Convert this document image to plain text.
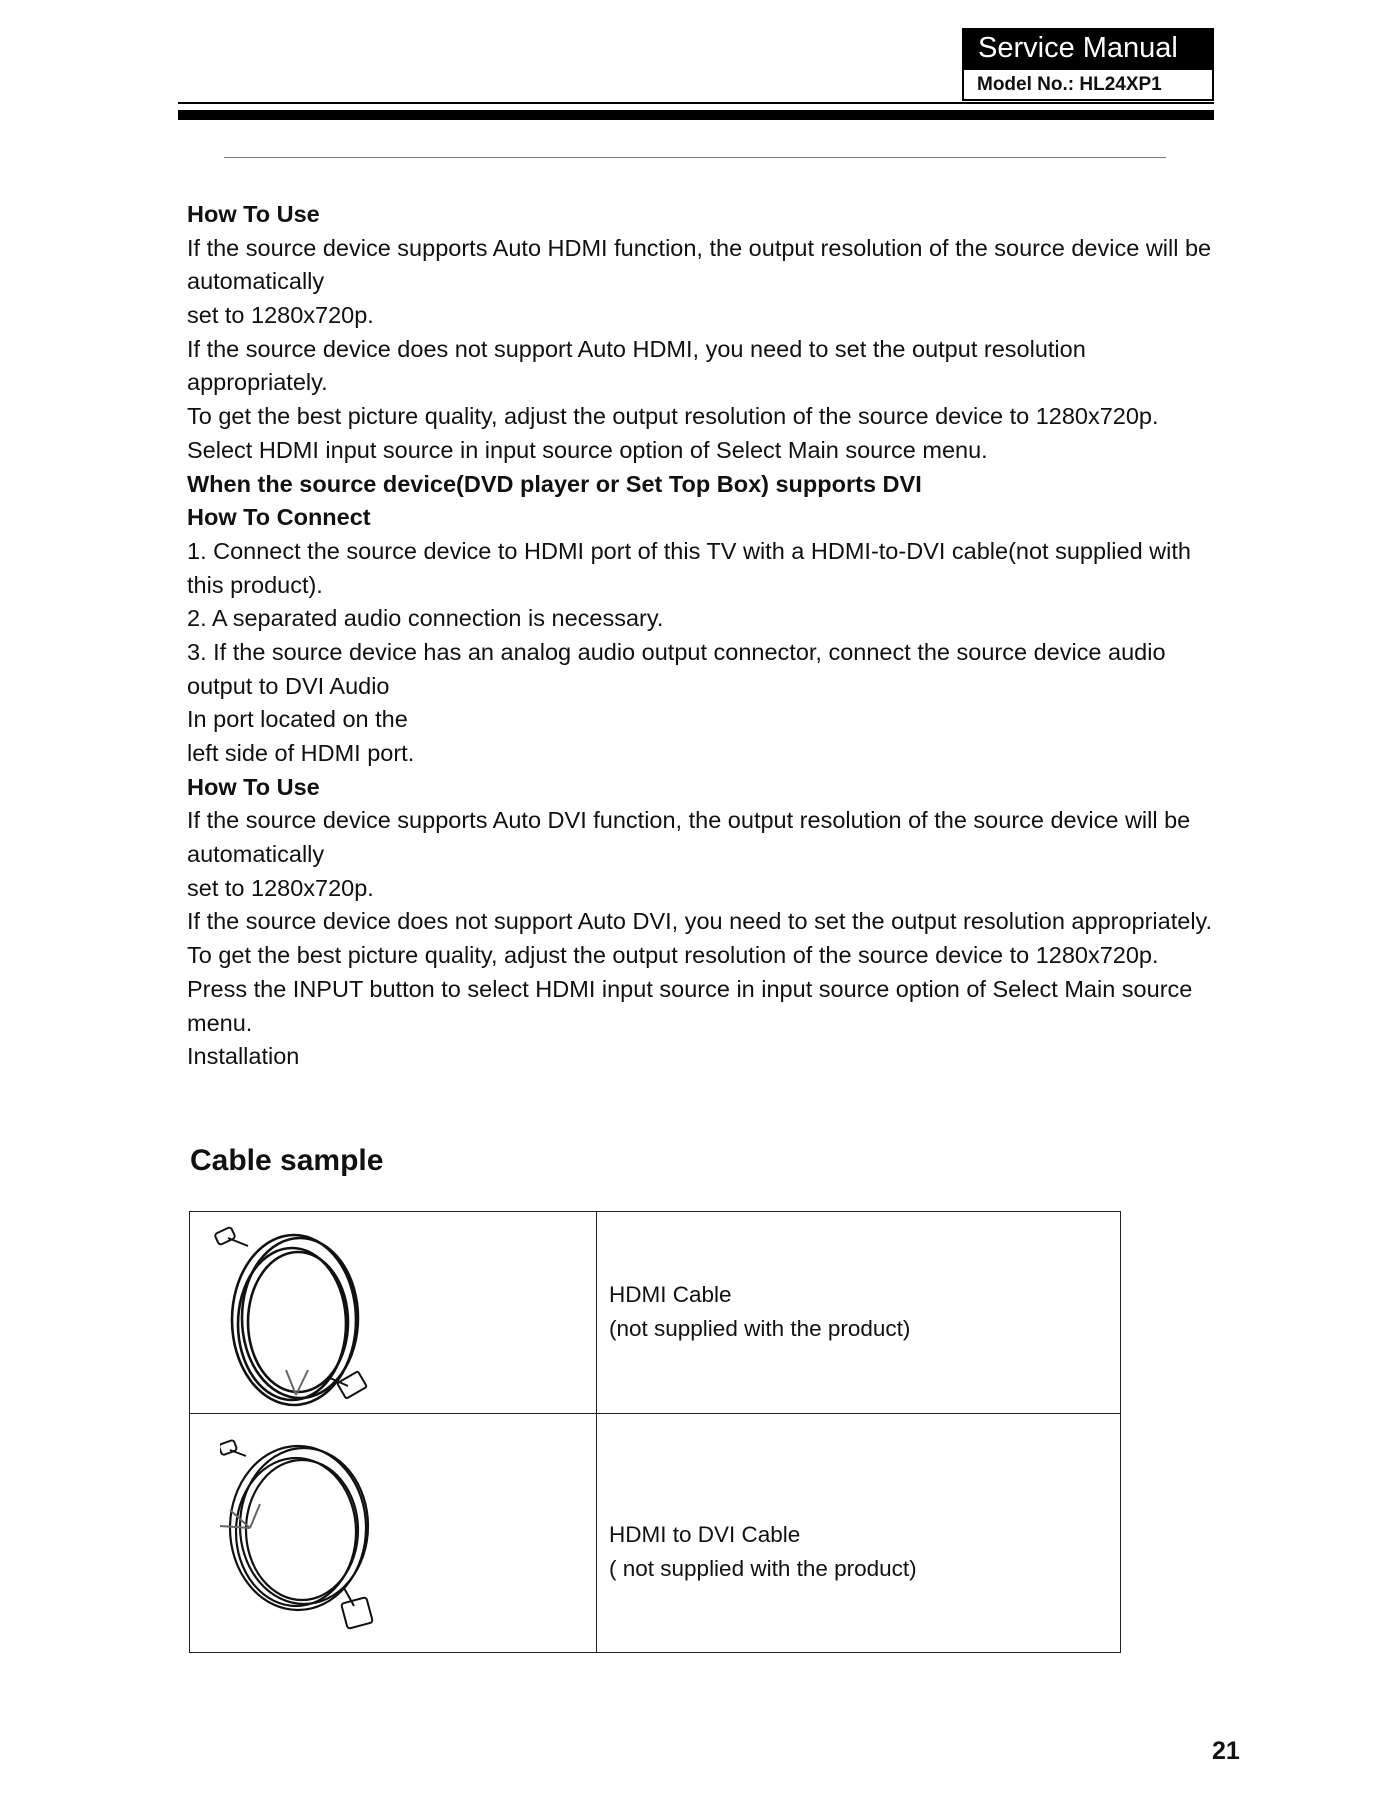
Service Manual
Model No.: HL24XP1
How To Use
If the source device supports Auto HDMI function, the output resolution of the source device will be
automatically
set to 1280x720p.
If the source device does not support Auto HDMI, you need to set the output resolution
appropriately.
To get the best picture quality, adjust the output resolution of the source device to 1280x720p.
Select HDMI input source in input source option of Select Main source menu.
When the source device(DVD player or Set Top Box) supports DVI
How To Connect
1. Connect the source device to HDMI port of this TV with a HDMI-to-DVI cable(not supplied with
this product).
2. A separated audio connection is necessary.
3. If the source device has an analog audio output connector, connect the source device audio
output to DVI Audio
In port located on the
left side of HDMI port.
How To Use
If the source device supports Auto DVI function, the output resolution of the source device will be
automatically
set to 1280x720p.
If the source device does not support Auto DVI, you need to set the output resolution appropriately.
To get the best picture quality, adjust the output resolution of the source device to 1280x720p.
Press the INPUT button to select HDMI input source in input source option of Select Main source
menu.
Installation
Cable sample
HDMI Cable
(not supplied with the product)
HDMI to DVI Cable
( not supplied with the product)
21
